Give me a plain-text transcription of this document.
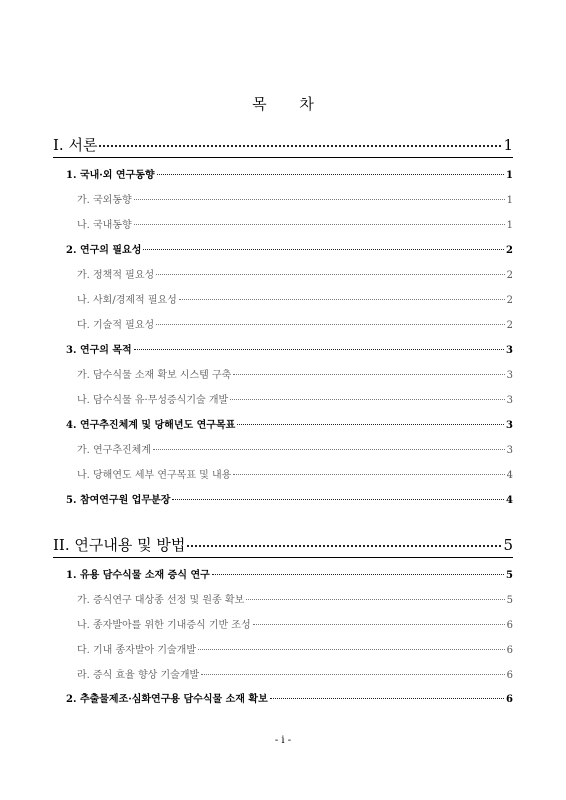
목 차
I. 서론	1
1. 국내·외 연구동향	1
가. 국외동향	1
나. 국내동향	1
2. 연구의 필요성	2
가. 정책적 필요성	2
나. 사회/경제적 필요성	2
다. 기술적 필요성	2
3. 연구의 목적	3
가. 담수식물 소재 확보 시스템 구축	3
나. 담수식물 유·무성증식기술 개발	3
4. 연구추진체계 및 당해년도 연구목표	3
가. 연구추진체계	3
나. 당해연도 세부 연구목표 및 내용	4
5. 참여연구원 업무분장	4
II. 연구내용 및 방법	5
1. 유용 담수식물 소재 증식 연구	5
가. 증식연구 대상종 선정 및 원종 확보	5
나. 종자발아를 위한 기내증식 기반 조성	6
다. 기내 종자발아 기술개발	6
라. 증식 효율 향상 기술개발	6
2. 추출물제조·심화연구용 담수식물 소재 확보	6
- i -
